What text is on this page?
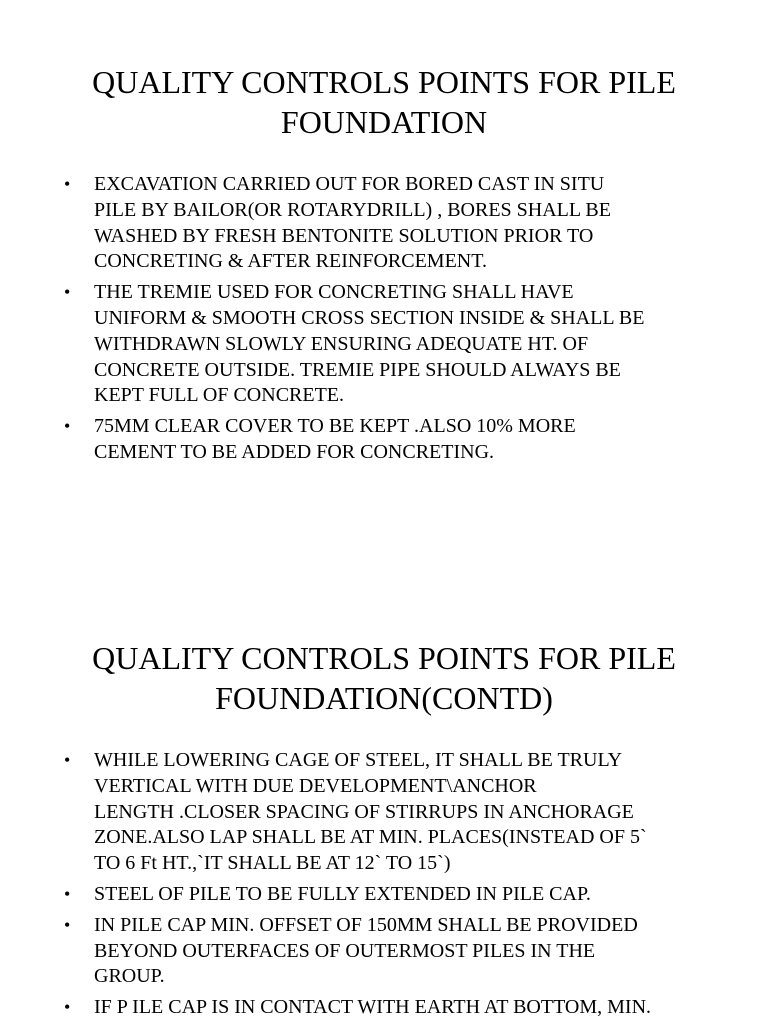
QUALITY CONTROLS POINTS FOR PILE
FOUNDATION
• EXCAVATION CARRIED OUT FOR BORED CAST IN SITU
PILE BY BAILOR(OR ROTARYDRILL) , BORES SHALL BE
WASHED BY FRESH BENTONITE SOLUTION PRIOR TO
CONCRETING & AFTER REINFORCEMENT.
• THE TREMIE USED FOR CONCRETING SHALL HAVE
UNIFORM & SMOOTH CROSS SECTION INSIDE & SHALL BE
WITHDRAWN SLOWLY ENSURING ADEQUATE HT. OF
CONCRETE OUTSIDE. TREMIE PIPE SHOULD ALWAYS BE
KEPT FULL OF CONCRETE.
• 75MM CLEAR COVER TO BE KEPT .ALSO 10% MORE
CEMENT TO BE ADDED FOR CONCRETING.
QUALITY CONTROLS POINTS FOR PILE
FOUNDATION(CONTD)
• WHILE LOWERING CAGE OF STEEL, IT SHALL BE TRULY
VERTICAL WITH DUE DEVELOPMENT\ANCHOR
LENGTH .CLOSER SPACING OF STIRRUPS IN ANCHORAGE
ZONE.ALSO LAP SHALL BE AT MIN. PLACES(INSTEAD OF 5`
TO 6 Ft HT.,`IT SHALL BE AT 12` TO 15`)
• STEEL OF PILE TO BE FULLY EXTENDED IN PILE CAP.
• IN PILE CAP MIN. OFFSET OF 150MM SHALL BE PROVIDED
BEYOND OUTERFACES OF OUTERMOST PILES IN THE
GROUP.
• IF P ILE CAP IS IN CONTACT WITH EARTH AT BOTTOM, MIN.
